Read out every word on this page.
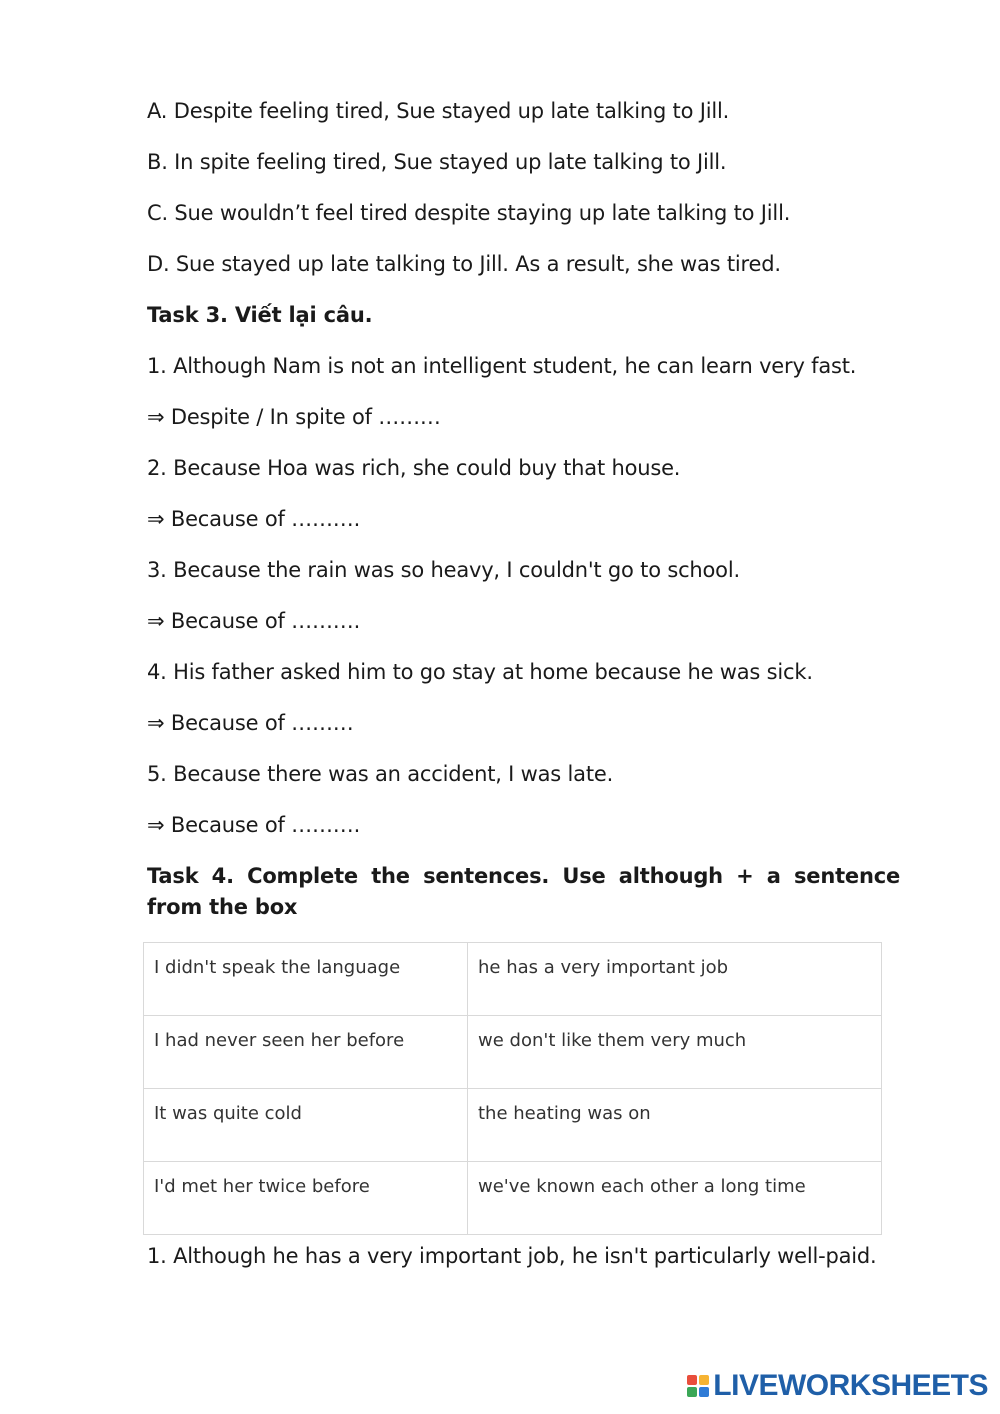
A. Despite feeling tired, Sue stayed up late talking to Jill.
B. In spite feeling tired, Sue stayed up late talking to Jill.
C. Sue wouldn’t feel tired despite staying up late talking to Jill.
D. Sue stayed up late talking to Jill. As a result, she was tired.
Task 3. Viết lại câu.
1. Although Nam is not an intelligent student, he can learn very fast.
⇒ Despite / In spite of ………
2. Because Hoa was rich, she could buy that house.
⇒ Because of ……….
3. Because the rain was so heavy, I couldn't go to school.
⇒ Because of ……….
4. His father asked him to go stay at home because he was sick.
⇒ Because of ………
5. Because there was an accident, I was late.
⇒ Because of ……….
Task 4. Complete the sentences. Use although + a sentence from the box
I didn't speak the language	he has a very important job
I had never seen her before	we don't like them very much
It was quite cold	the heating was on
I'd met her twice before	we've known each other a long time
1. Although he has a very important job, he isn't particularly well-paid.
LIVEWORKSHEETS
